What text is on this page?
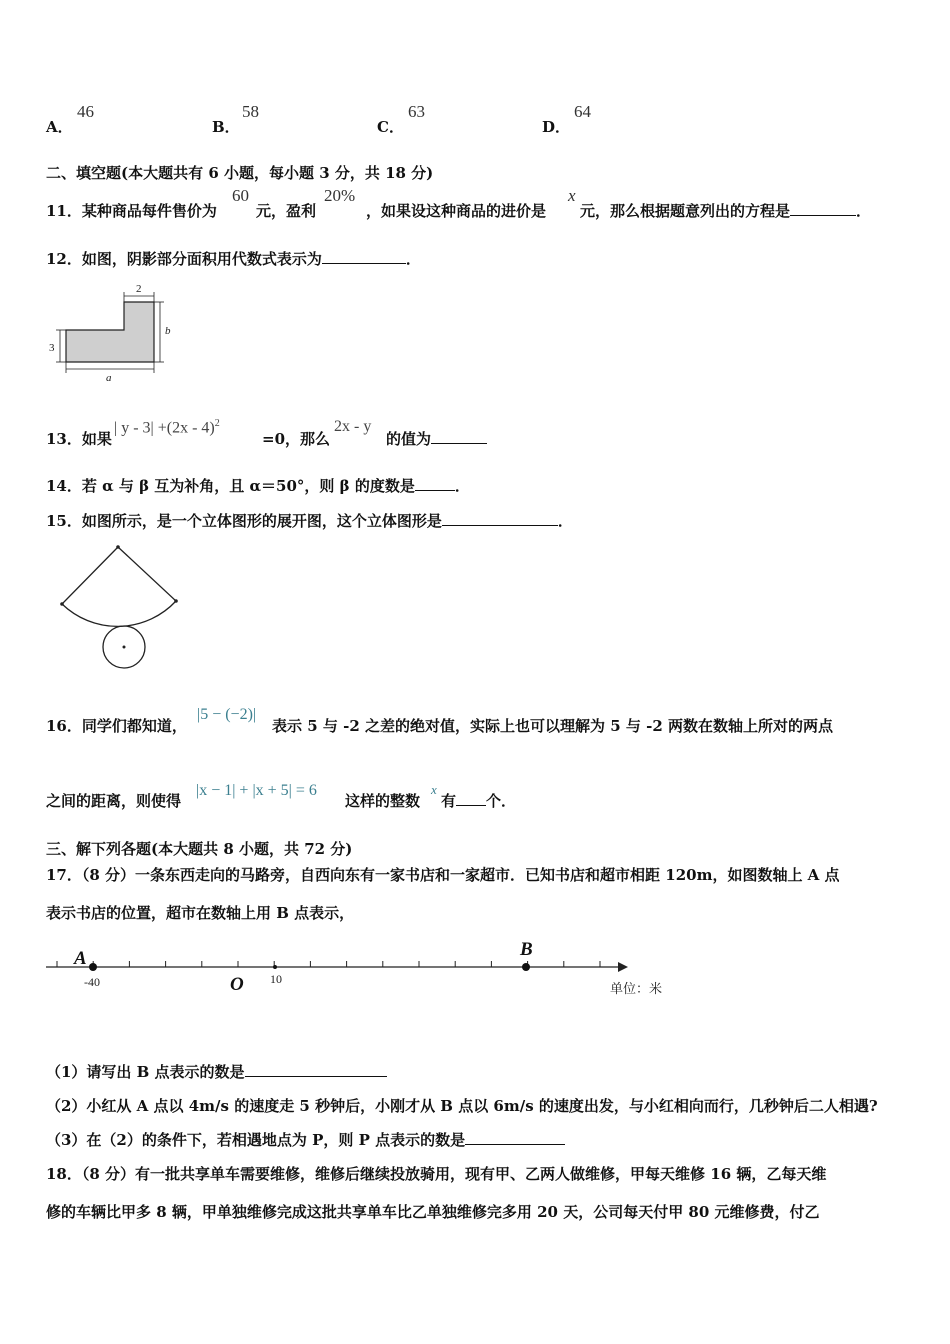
A．
46
B．
58
C．
63
D．
64
二、填空题(本大题共有 6 小题，每小题 3 分，共 18 分)
11．某种商品每件售价为
60
元，盈利
20%
，如果设这种商品的进价是
x
元，那么根据题意列出的方程是	．
12．如图，阴影部分面积用代数式表示为	．
2
b
3
a
13．如果
| y - 3| +(2x - 4)$^2$
=0，那么
2x - y
的值为
14．若 α 与 β 互为补角，且 α＝50°，则 β 的度数是	．
15．如图所示，是一个立体图形的展开图，这个立体图形是	．
16．同学们都知道，
|5 − (−2)|
表示 5 与 -2 之差的绝对值，实际上也可以理解为 5 与 -2 两数在数轴上所对的两点
之间的距离，则使得
|x − 1| + |x + 5| = 6
这样的整数
x
有 个．
三、解下列各题(本大题共 8 小题，共 72 分)
17．（8 分）一条东西走向的马路旁，自西向东有一家书店和一家超市．已知书店和超市相距 120m，如图数轴上 A 点
表示书店的位置，超市在数轴上用 B 点表示，
A	B
O
-40	10
单位：米
（1）请写出 B 点表示的数是
（2）小红从 A 点以 4m/s 的速度走 5 秒钟后，小刚才从 B 点以 6m/s 的速度出发，与小红相向而行，几秒钟后二人相遇?
（3）在（2）的条件下，若相遇地点为 P，则 P 点表示的数是
18．（8 分）有一批共享单车需要维修，维修后继续投放骑用，现有甲、乙两人做维修，甲每天维修 16 辆，乙每天维
修的车辆比甲多 8 辆，甲单独维修完成这批共享单车比乙单独维修完多用 20 天，公司每天付甲 80 元维修费，付乙
